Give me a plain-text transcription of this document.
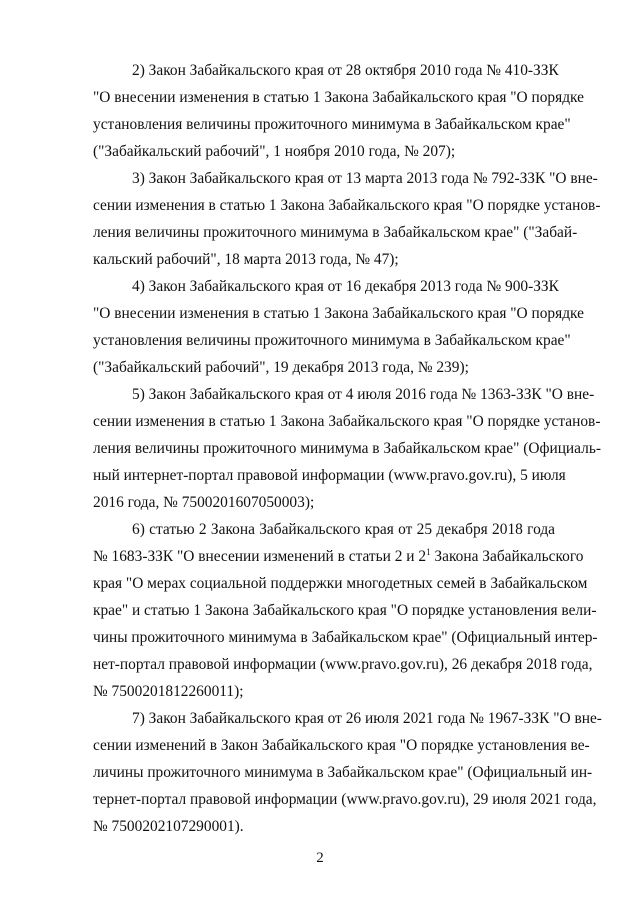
2) Закон Забайкальского края от 28 октября 2010 года № 410-ЗЗК
"О внесении изменения в статью 1 Закона Забайкальского края "О порядке
установления величины прожиточного минимума в Забайкальском крае"
("Забайкальский рабочий", 1 ноября 2010 года, № 207);
3) Закон Забайкальского края от 13 марта 2013 года № 792-ЗЗК "О вне-
сении изменения в статью 1 Закона Забайкальского края "О порядке установ-
ления величины прожиточного минимума в Забайкальском крае" ("Забай-
кальский рабочий", 18 марта 2013 года, № 47);
4) Закон Забайкальского края от 16 декабря 2013 года № 900-ЗЗК
"О внесении изменения в статью 1 Закона Забайкальского края "О порядке
установления величины прожиточного минимума в Забайкальском крае"
("Забайкальский рабочий", 19 декабря 2013 года, № 239);
5) Закон Забайкальского края от 4 июля 2016 года № 1363-ЗЗК "О вне-
сении изменения в статью 1 Закона Забайкальского края "О порядке установ-
ления величины прожиточного минимума в Забайкальском крае" (Официаль-
ный интернет-портал правовой информации (www.pravo.gov.ru), 5 июля
2016 года, № 7500201607050003);
6) статью 2 Закона Забайкальского края от 25 декабря 2018 года
№ 1683-ЗЗК "О внесении изменений в статьи 2 и $2^1$ Закона Забайкальского
края "О мерах социальной поддержки многодетных семей в Забайкальском
крае" и статью 1 Закона Забайкальского края "О порядке установления вели-
чины прожиточного минимума в Забайкальском крае" (Официальный интер-
нет-портал правовой информации (www.pravo.gov.ru), 26 декабря 2018 года,
№ 7500201812260011);
7) Закон Забайкальского края от 26 июля 2021 года № 1967-ЗЗК "О вне-
сении изменений в Закон Забайкальского края "О порядке установления ве-
личины прожиточного минимума в Забайкальском крае" (Официальный ин-
тернет-портал правовой информации (www.pravo.gov.ru), 29 июля 2021 года,
№ 7500202107290001).
2
